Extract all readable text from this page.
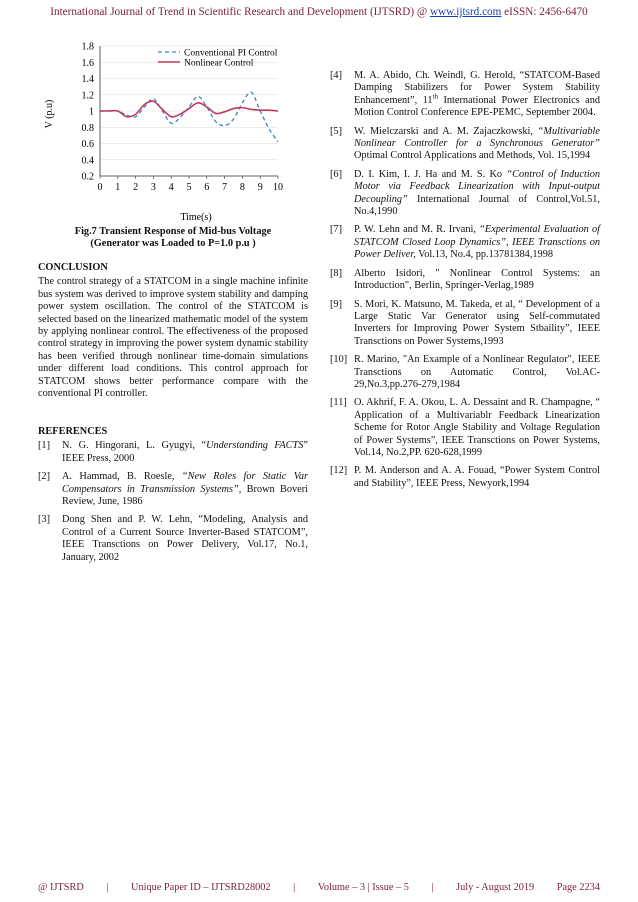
International Journal of Trend in Scientific Research and Development (IJTSRD) @ www.ijtsrd.com eISSN: 2456-6470
0.2
0.4
0.6
0.8
1
1.2
1.4
1.6
1.8
0 1 2 3 4 5 6 7 8 9 10
Conventional PI Control
Nonlinear Control
Time(s)
V (p.u)
Fig.7 Transient Response of Mid-bus Voltage
(Generator was Loaded to P=1.0 p.u )
CONCLUSION

The control strategy of a STATCOM in a single machine infinite bus system was derived to improve system stability and damping power system oscillation. The control of the STATCOM is selected based on the linearized mathematic model of the system by applying nonlinear control. The effectiveness of the proposed control strategy in improving the power system dynamic stability has been verified through nonlinear time-domain simulations under different load conditions. This control approach for STATCOM shows better performance compare with the conventional PI controller.

REFERENCES
[1]	N. G. Hingorani, L. Gyugyi, “Understanding FACTS” IEEE Press, 2000
[2]	A. Hammad, B. Roesle, “New Roles for Static Var Compensators in Transmission Systems”, Brown Boveri Review, June, 1986
[3]	Dong Shen and P. W. Lehn, “Modeling, Analysis and Control of a Current Source Inverter-Based STATCOM”, IEEE Transctions on Power Delivery, Vol.17, No.1, January, 2002
[4]	M. A. Abido, Ch. Weindl, G. Herold, “STATCOM-Based Damping Stabilizers for Power System Stability Enhancement”, 11th International Power Electronics and Motion Control Conference EPE-PEMC, September 2004.
[5]	W. Mielczarski and A. M. Zajaczkowski, “Multivariable Nonlinear Controller for a Synchronous Generator” Optimal Control Applications and Methods, Vol. 15,1994
[6]	D. I. Kim, I. J. Ha and M. S. Ko “Control of Induction Motor via Feedback Linearization with Input-output Decoupling” International Journal of Control,Vol.51, No.4,1990
[7]	P. W. Lehn and M. R. Irvani, “Experimental Evaluation of STATCOM Closed Loop Dynamics”, IEEE Transctions on Power Deliver, Vol.13, No.4, pp.13781384,1998
[8]	Alberto Isidori, " Nonlinear Control Systems: an Introduction", Berlin, Springer-Verlag,1989
[9]	S. Mori, K. Matsuno, M. Takeda, et al, “ Development of a Large Static Var Generator using Self-commutated Inverters for Improving Power System Stbaility”, IEEE Transctions on Power Systems,1993
[10] R. Marino, "An Example of a Nonlinear Regulator", IEEE Transctions on Automatic Control, Vol.AC-29,No.3,pp.276-279,1984
[11] O. Akhrif, F. A. Okou, L. A. Dessaint and R. Champagne, “ Application of a Multivariablr Feedback Linearization Scheme for Rotor Angle Stability and Voltage Regulation of Power Systems”, IEEE Transctions on Power Systems, Vol.14, No.2,PP. 620-628,1999
[12] P. M. Anderson and A. A. Fouad, “Power System Control and Stability”, IEEE Press, Newyork,1994
@ IJTSRD | Unique Paper ID – IJTSRD28002 | Volume – 3 | Issue – 5 | July - August 2019 Page 2234
